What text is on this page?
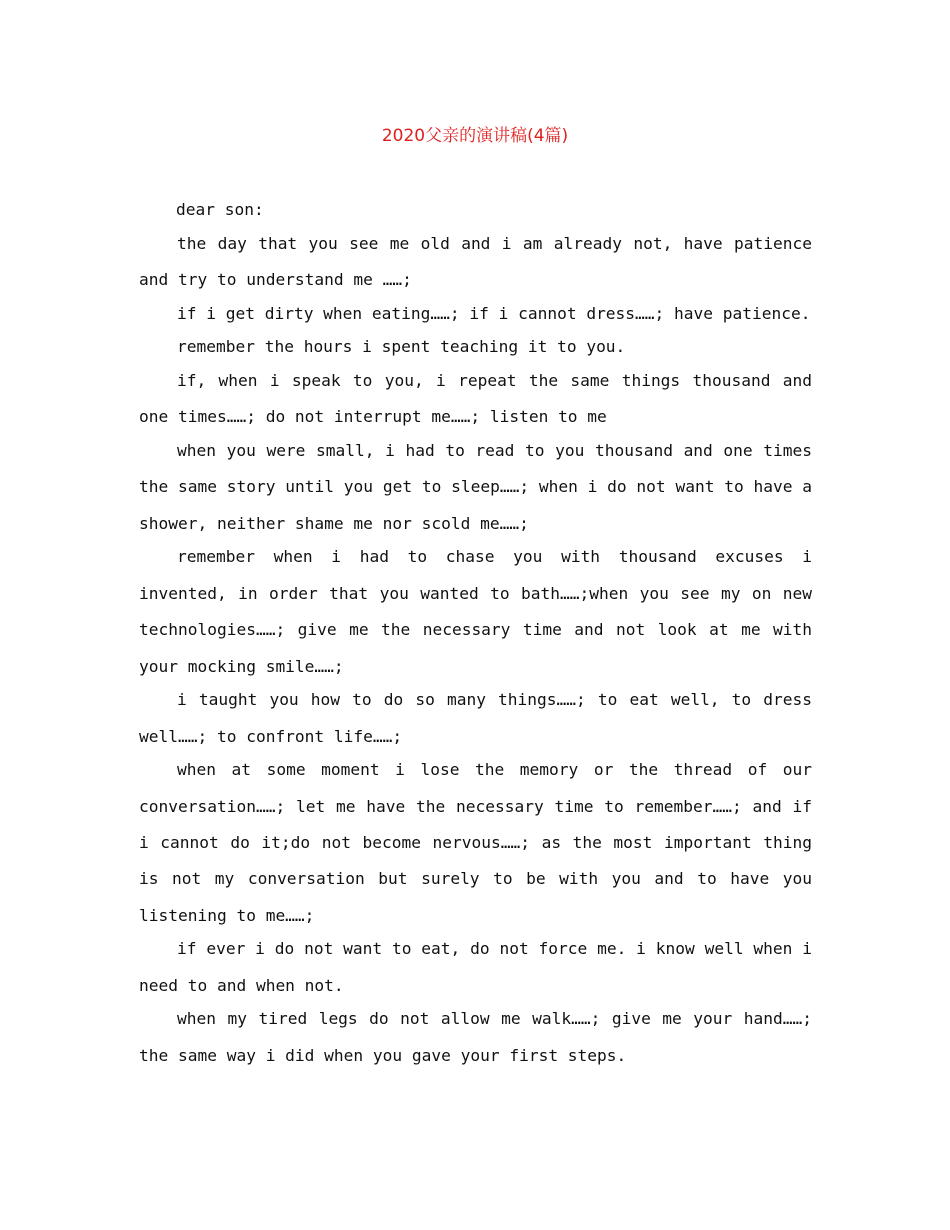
2020父亲的演讲稿(4篇)

dear son:

the day that you see me old and i am already not, have patience and try to understand me ……;

if i get dirty when eating……; if i cannot dress……; have patience.

remember the hours i spent teaching it to you.

if, when i speak to you, i repeat the same things thousand and one times……; do not interrupt me……; listen to me

when you were small, i had to read to you thousand and one times the same story until you get to sleep……; when i do not want to have a shower, neither shame me nor scold me……;

remember when i had to chase you with thousand excuses i invented, in order that you wanted to bath……;when you see my on new technologies……; give me the necessary time and not look at me with your mocking smile……;

i taught you how to do so many things……; to eat well, to dress well……; to confront life……;

when at some moment i lose the memory or the thread of our conversation……; let me have the necessary time to remember……; and if i cannot do it;do not become nervous……; as the most important thing is not my conversation but surely to be with you and to have you listening to me……;

if ever i do not want to eat, do not force me. i know well when i need to and when not.

when my tired legs do not allow me walk……; give me your hand……; the same way i did when you gave your first steps.
